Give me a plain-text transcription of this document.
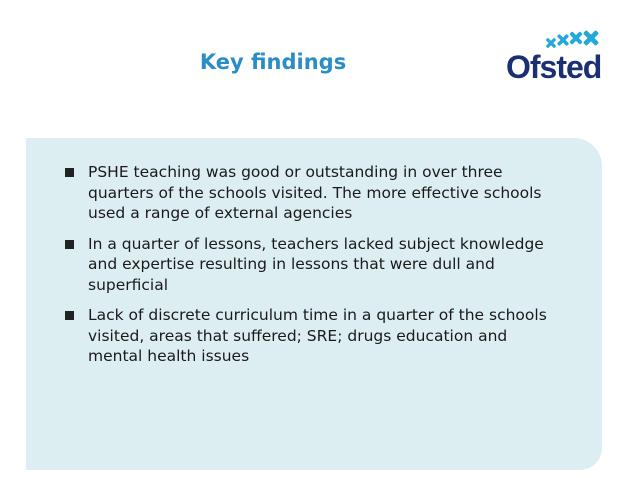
Key findings	Ofsted
PSHE teaching was good or outstanding in over three quarters of the schools visited. The more effective schools used a range of external agencies
In a quarter of lessons, teachers lacked subject knowledge and expertise resulting in lessons that were dull and superficial
Lack of discrete curriculum time in a quarter of the schools visited, areas that suffered; SRE; drugs education and mental health issues
